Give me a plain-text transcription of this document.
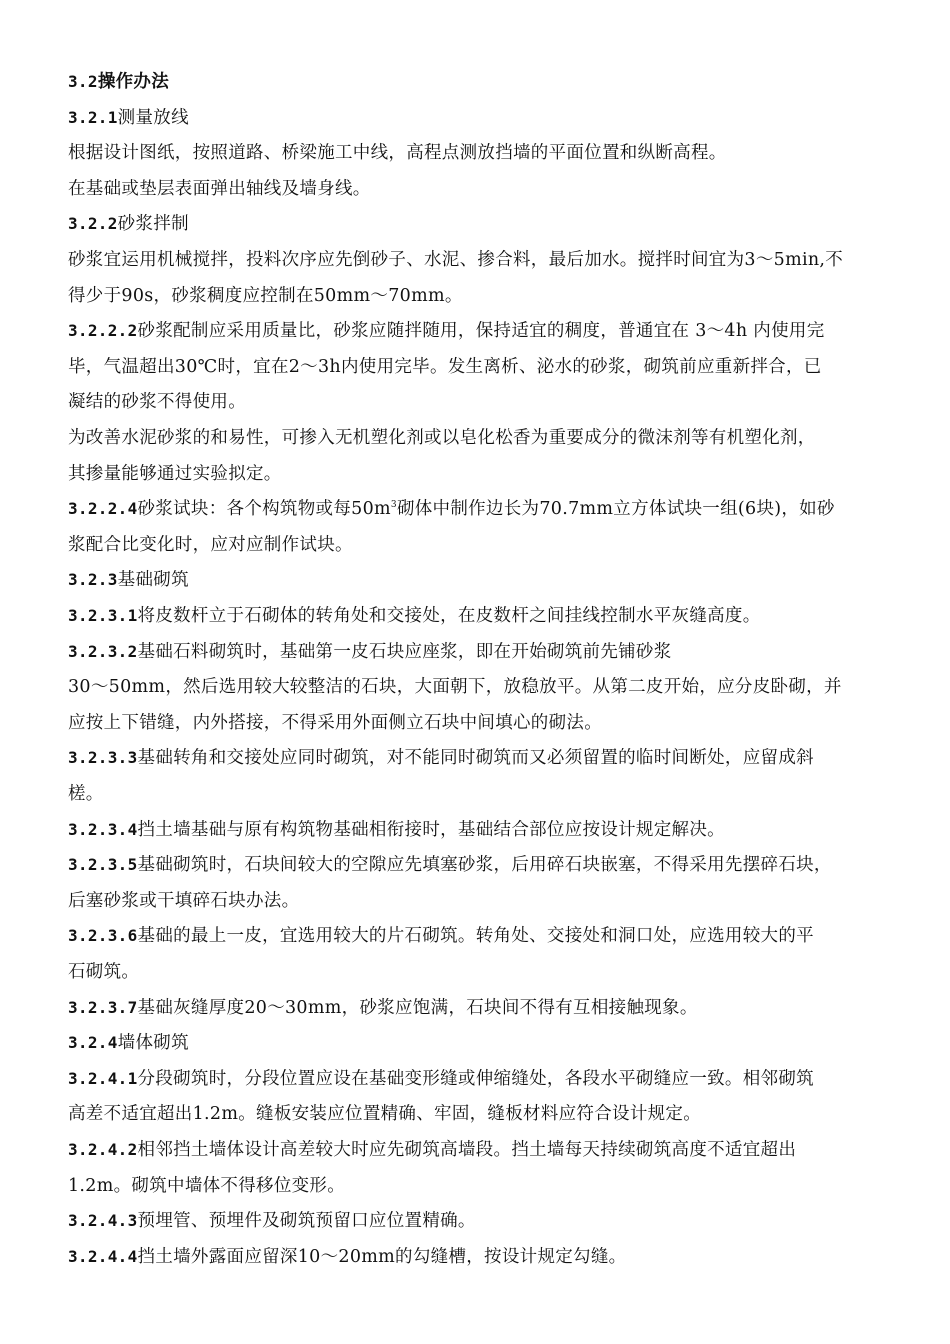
3.2操作办法
3.2.1测量放线
根据设计图纸，按照道路、桥梁施工中线，高程点测放挡墙的平面位置和纵断高程。
在基础或垫层表面弹出轴线及墙身线。
3.2.2砂浆拌制
砂浆宜运用机械搅拌，投料次序应先倒砂子、水泥、掺合料，最后加水。搅拌时间宜为3～5min,不
得少于90s，砂浆稠度应控制在50mm～70mm。
3.2.2.2砂浆配制应采用质量比，砂浆应随拌随用，保持适宜的稠度，普通宜在 3～4h 内使用完
毕，气温超出30℃时，宜在2～3h内使用完毕。发生离析、泌水的砂浆，砌筑前应重新拌合，已
凝结的砂浆不得使用。
为改善水泥砂浆的和易性，可掺入无机塑化剂或以皂化松香为重要成分的微沫剂等有机塑化剂，
其掺量能够通过实验拟定。
3.2.2.4砂浆试块：各个构筑物或每$50m^3$砌体中制作边长为70.7mm立方体试块一组(6块)，如砂
浆配合比变化时，应对应制作试块。
3.2.3基础砌筑
3.2.3.1将皮数杆立于石砌体的转角处和交接处，在皮数杆之间挂线控制水平灰缝高度。
3.2.3.2基础石料砌筑时，基础第一皮石块应座浆，即在开始砌筑前先铺砂浆
30～50mm，然后选用较大较整洁的石块，大面朝下，放稳放平。从第二皮开始，应分皮卧砌，并
应按上下错缝，内外搭接，不得采用外面侧立石块中间填心的砌法。
3.2.3.3基础转角和交接处应同时砌筑，对不能同时砌筑而又必须留置的临时间断处，应留成斜
槎。
3.2.3.4挡土墙基础与原有构筑物基础相衔接时，基础结合部位应按设计规定解决。
3.2.3.5基础砌筑时，石块间较大的空隙应先填塞砂浆，后用碎石块嵌塞，不得采用先摆碎石块，
后塞砂浆或干填碎石块办法。
3.2.3.6基础的最上一皮，宜选用较大的片石砌筑。转角处、交接处和洞口处，应选用较大的平
石砌筑。
3.2.3.7基础灰缝厚度20～30mm，砂浆应饱满，石块间不得有互相接触现象。
3.2.4墙体砌筑
3.2.4.1分段砌筑时，分段位置应设在基础变形缝或伸缩缝处，各段水平砌缝应一致。相邻砌筑
高差不适宜超出1.2m。缝板安装应位置精确、牢固，缝板材料应符合设计规定。
3.2.4.2相邻挡土墙体设计高差较大时应先砌筑高墙段。挡土墙每天持续砌筑高度不适宜超出
1.2m。砌筑中墙体不得移位变形。
3.2.4.3预埋管、预埋件及砌筑预留口应位置精确。
3.2.4.4挡土墙外露面应留深10～20mm的勾缝槽，按设计规定勾缝。
